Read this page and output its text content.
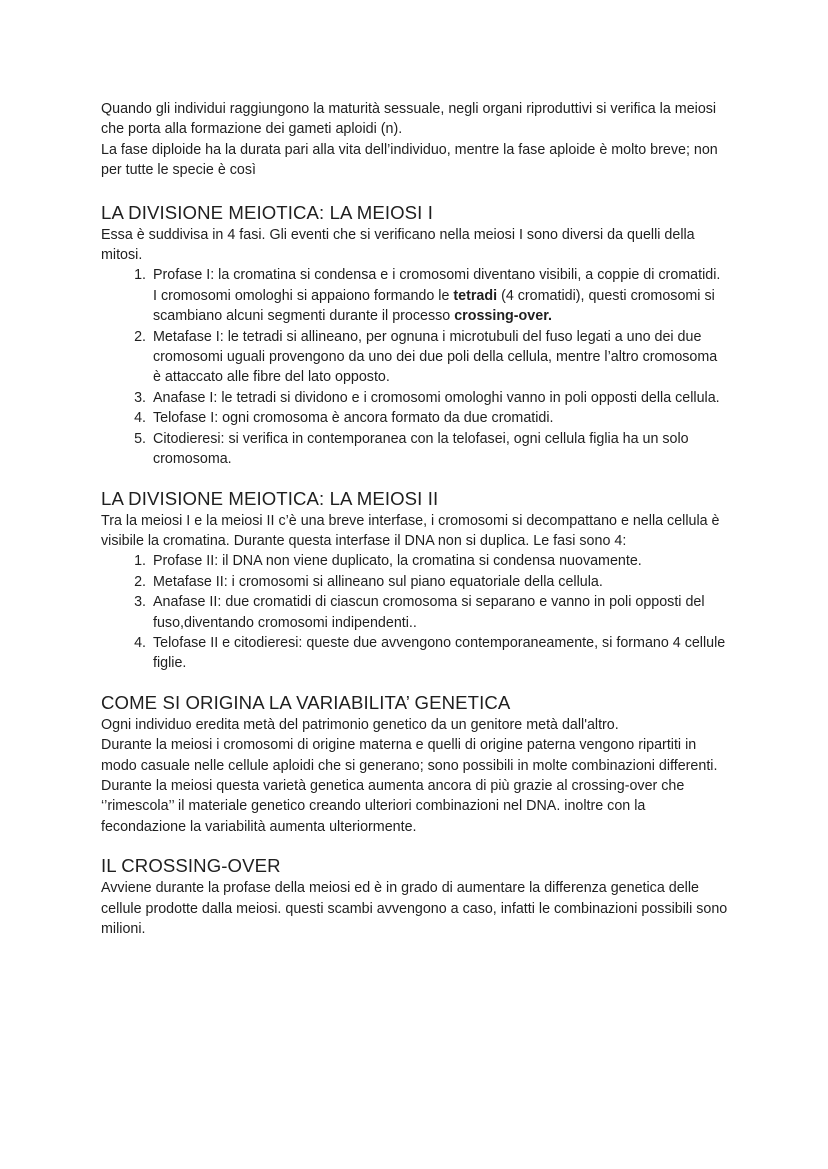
Quando gli individui raggiungono la maturità sessuale, negli organi riproduttivi si verifica la meiosi che porta alla formazione dei gameti aploidi (n).

La fase diploide ha la durata pari alla vita dell’individuo, mentre la fase aploide è molto breve; non per tutte le specie è così

LA DIVISIONE MEIOTICA: LA MEIOSI I

Essa è suddivisa in 4 fasi. Gli eventi che si verificano nella meiosi I sono diversi da quelli della mitosi.

1. Profase I: la cromatina si condensa e i cromosomi diventano visibili, a coppie di cromatidi. I cromosomi omologhi si appaiono formando le tetradi (4 cromatidi), questi cromosomi si scambiano alcuni segmenti durante il processo crossing-over.
2. Metafase I: le tetradi si allineano, per ognuna i microtubuli del fuso legati a uno dei due cromosomi uguali provengono da uno dei due poli della cellula, mentre l’altro cromosoma è attaccato alle fibre del lato opposto.
3. Anafase I: le tetradi si dividono e i cromosomi omologhi vanno in poli opposti della cellula.
4. Telofase I: ogni cromosoma è ancora formato da due cromatidi.
5. Citodieresi: si verifica in contemporanea con la telofasei, ogni cellula figlia ha un solo cromosoma.
LA DIVISIONE MEIOTICA: LA MEIOSI II

Tra la meiosi I e la meiosi II c’è una breve interfase, i cromosomi si decompattano e nella cellula è visibile la cromatina. Durante questa interfase il DNA non si duplica. Le fasi sono 4:

1. Profase II: il DNA non viene duplicato, la cromatina si condensa nuovamente.
2. Metafase II: i cromosomi si allineano sul piano equatoriale della cellula.
3. Anafase II: due cromatidi di ciascun cromosoma si separano e vanno in poli opposti del fuso,diventando cromosomi indipendenti..
4. Telofase II e citodieresi: queste due avvengono contemporaneamente, si formano 4 cellule figlie.
COME SI ORIGINA LA VARIABILITA’ GENETICA

Ogni individuo eredita metà del patrimonio genetico da un genitore metà dall'altro.

Durante la meiosi i cromosomi di origine materna e quelli di origine paterna vengono ripartiti in modo casuale nelle cellule aploidi che si generano; sono possibili in molte combinazioni differenti. Durante la meiosi questa varietà genetica aumenta ancora di più grazie al crossing-over che ‘’rimescola’’ il materiale genetico creando ulteriori combinazioni nel DNA. inoltre con la fecondazione la variabilità aumenta ulteriormente.

IL CROSSING-OVER

Avviene durante la profase della meiosi ed è in grado di aumentare la differenza genetica delle cellule prodotte dalla meiosi. questi scambi avvengono a caso, infatti le combinazioni possibili sono milioni.
